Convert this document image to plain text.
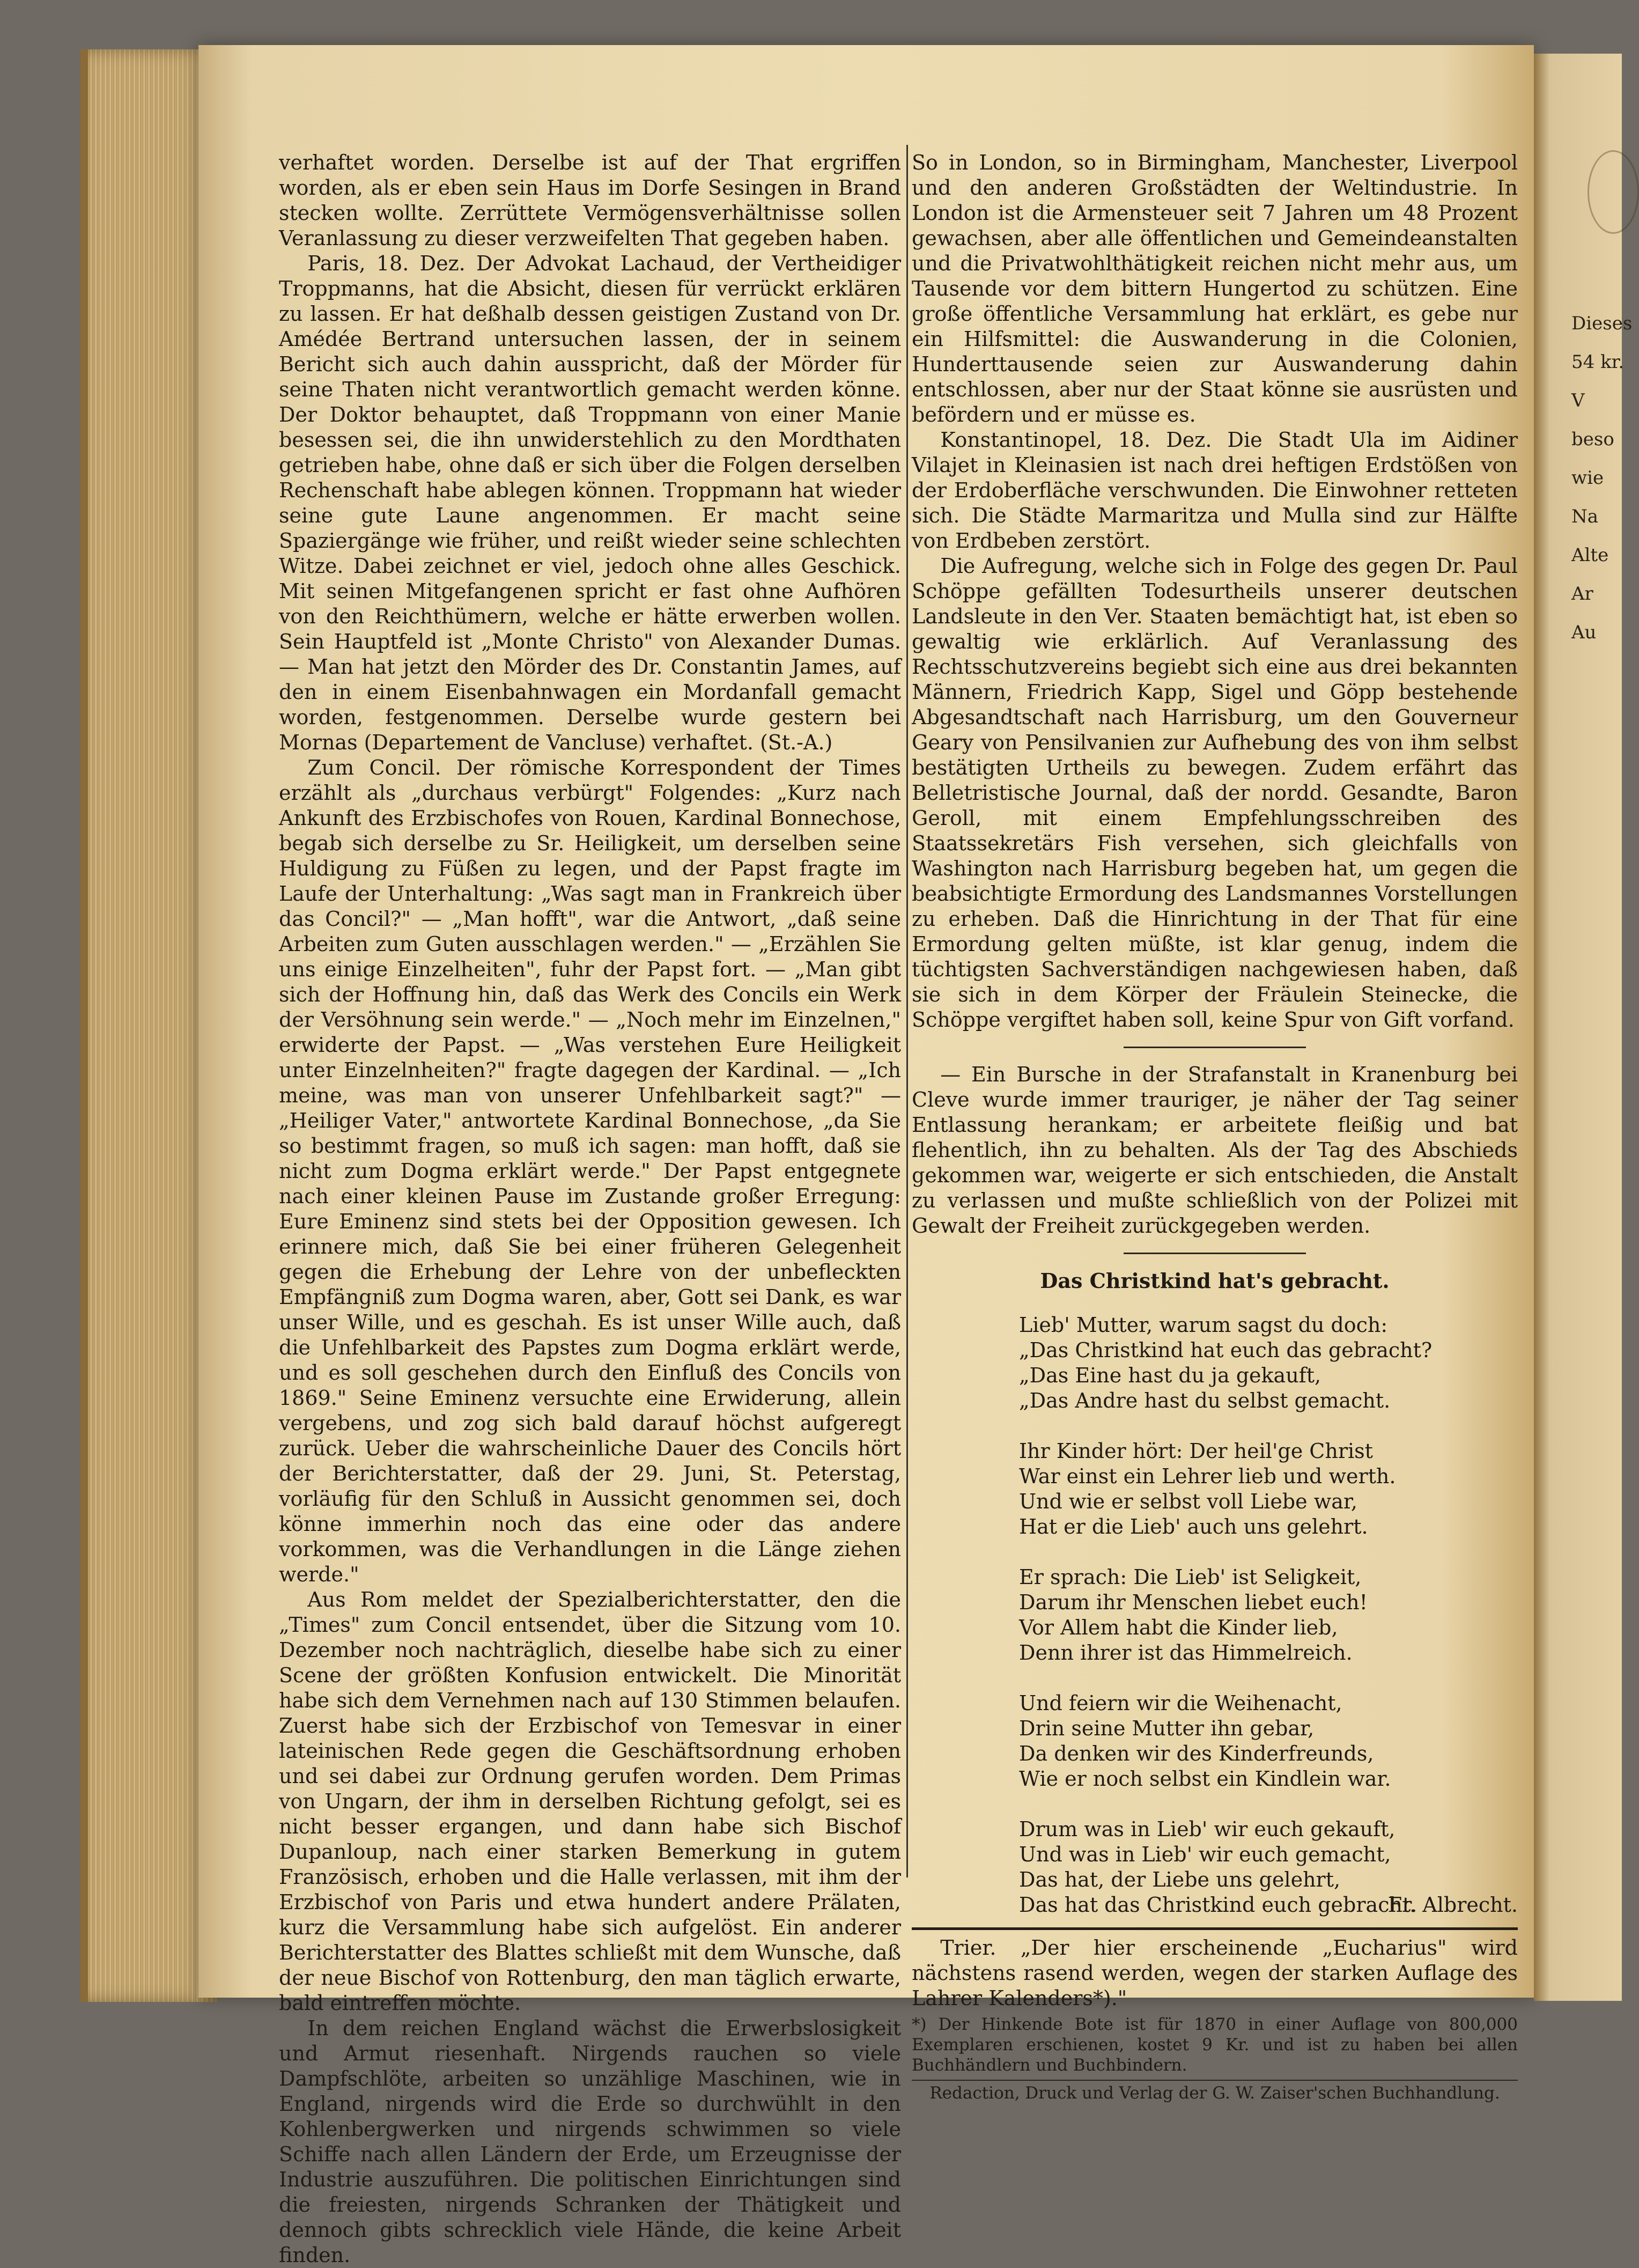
verhaftet worden. Derselbe ist auf der That ergriffen worden, als er eben sein Haus im Dorfe Sesingen in Brand stecken wollte. Zerrüttete Vermögensverhältnisse sollen Veranlassung zu dieser verzweifelten That gegeben haben.

Paris, 18. Dez. Der Advokat Lachaud, der Vertheidiger Troppmanns, hat die Absicht, diesen für verrückt erklären zu lassen. Er hat deßhalb dessen geistigen Zustand von Dr. Amédée Bertrand untersuchen lassen, der in seinem Bericht sich auch dahin ausspricht, daß der Mörder für seine Thaten nicht verantwortlich gemacht werden könne. Der Doktor behauptet, daß Troppmann von einer Manie besessen sei, die ihn unwiderstehlich zu den Mordthaten getrieben habe, ohne daß er sich über die Folgen derselben Rechenschaft habe ablegen können. Troppmann hat wieder seine gute Laune angenommen. Er macht seine Spaziergänge wie früher, und reißt wieder seine schlechten Witze. Dabei zeichnet er viel, jedoch ohne alles Geschick. Mit seinen Mitgefangenen spricht er fast ohne Aufhören von den Reichthümern, welche er hätte erwerben wollen. Sein Hauptfeld ist „Monte Christo" von Alexander Dumas. — Man hat jetzt den Mörder des Dr. Constantin James, auf den in einem Eisenbahnwagen ein Mordanfall gemacht worden, festgenommen. Derselbe wurde gestern bei Mornas (Departement de Vancluse) verhaftet. (St.-A.)

Zum Concil. Der römische Korrespondent der Times erzählt als „durchaus verbürgt" Folgendes: „Kurz nach Ankunft des Erzbischofes von Rouen, Kardinal Bonnechose, begab sich derselbe zu Sr. Heiligkeit, um derselben seine Huldigung zu Füßen zu legen, und der Papst fragte im Laufe der Unterhaltung: „Was sagt man in Frankreich über das Concil?" — „Man hofft", war die Antwort, „daß seine Arbeiten zum Guten ausschlagen werden." — „Erzählen Sie uns einige Einzelheiten", fuhr der Papst fort. — „Man gibt sich der Hoffnung hin, daß das Werk des Concils ein Werk der Versöhnung sein werde." — „Noch mehr im Einzelnen," erwiderte der Papst. — „Was verstehen Eure Heiligkeit unter Einzelnheiten?" fragte dagegen der Kardinal. — „Ich meine, was man von unserer Unfehlbarkeit sagt?" — „Heiliger Vater," antwortete Kardinal Bonnechose, „da Sie so bestimmt fragen, so muß ich sagen: man hofft, daß sie nicht zum Dogma erklärt werde." Der Papst entgegnete nach einer kleinen Pause im Zustande großer Erregung: Eure Eminenz sind stets bei der Opposition gewesen. Ich erinnere mich, daß Sie bei einer früheren Gelegenheit gegen die Erhebung der Lehre von der unbefleckten Empfängniß zum Dogma waren, aber, Gott sei Dank, es war unser Wille, und es geschah. Es ist unser Wille auch, daß die Unfehlbarkeit des Papstes zum Dogma erklärt werde, und es soll geschehen durch den Einfluß des Concils von 1869." Seine Eminenz versuchte eine Erwiderung, allein vergebens, und zog sich bald darauf höchst aufgeregt zurück. Ueber die wahrscheinliche Dauer des Concils hört der Berichterstatter, daß der 29. Juni, St. Peterstag, vorläufig für den Schluß in Aussicht genommen sei, doch könne immerhin noch das eine oder das andere vorkommen, was die Verhandlungen in die Länge ziehen werde."

Aus Rom meldet der Spezialberichterstatter, den die „Times" zum Concil entsendet, über die Sitzung vom 10. Dezember noch nachträglich, dieselbe habe sich zu einer Scene der größten Konfusion entwickelt. Die Minorität habe sich dem Vernehmen nach auf 130 Stimmen belaufen. Zuerst habe sich der Erzbischof von Temesvar in einer lateinischen Rede gegen die Geschäftsordnung erhoben und sei dabei zur Ordnung gerufen worden. Dem Primas von Ungarn, der ihm in derselben Richtung gefolgt, sei es nicht besser ergangen, und dann habe sich Bischof Dupanloup, nach einer starken Bemerkung in gutem Französisch, erhoben und die Halle verlassen, mit ihm der Erzbischof von Paris und etwa hundert andere Prälaten, kurz die Versammlung habe sich aufgelöst. Ein anderer Berichterstatter des Blattes schließt mit dem Wunsche, daß der neue Bischof von Rottenburg, den man täglich erwarte, bald eintreffen möchte.

In dem reichen England wächst die Erwerbslosigkeit und Armut riesenhaft. Nirgends rauchen so viele Dampfschlöte, arbeiten so unzählige Maschinen, wie in England, nirgends wird die Erde so durchwühlt in den Kohlenbergwerken und nirgends schwimmen so viele Schiffe nach allen Ländern der Erde, um Erzeugnisse der Industrie auszuführen. Die politischen Einrichtungen sind die freiesten, nirgends Schranken der Thätigkeit und dennoch gibts schrecklich viele Hände, die keine Arbeit finden.

So in London, so in Birmingham, Manchester, Liverpool und den anderen Großstädten der Weltindustrie. In London ist die Armensteuer seit 7 Jahren um 48 Prozent gewachsen, aber alle öffentlichen und Gemeindeanstalten und die Privatwohlthätigkeit reichen nicht mehr aus, um Tausende vor dem bittern Hungertod zu schützen. Eine große öffentliche Versammlung hat erklärt, es gebe nur ein Hilfsmittel: die Auswanderung in die Colonien, Hunderttausende seien zur Auswanderung dahin entschlossen, aber nur der Staat könne sie ausrüsten und befördern und er müsse es.

Konstantinopel, 18. Dez. Die Stadt Ula im Aidiner Vilajet in Kleinasien ist nach drei heftigen Erdstößen von der Erdoberfläche verschwunden. Die Einwohner retteten sich. Die Städte Marmaritza und Mulla sind zur Hälfte von Erdbeben zerstört.

Die Aufregung, welche sich in Folge des gegen Dr. Paul Schöppe gefällten Todesurtheils unserer deutschen Landsleute in den Ver. Staaten bemächtigt hat, ist eben so gewaltig wie erklärlich. Auf Veranlassung des Rechtsschutzvereins begiebt sich eine aus drei bekannten Männern, Friedrich Kapp, Sigel und Göpp bestehende Abgesandtschaft nach Harrisburg, um den Gouverneur Geary von Pensilvanien zur Aufhebung des von ihm selbst bestätigten Urtheils zu bewegen. Zudem erfährt das Belletristische Journal, daß der nordd. Gesandte, Baron Geroll, mit einem Empfehlungsschreiben des Staatssekretärs Fish versehen, sich gleichfalls von Washington nach Harrisburg begeben hat, um gegen die beabsichtigte Ermordung des Landsmannes Vorstellungen zu erheben. Daß die Hinrichtung in der That für eine Ermordung gelten müßte, ist klar genug, indem die tüchtigsten Sachverständigen nachgewiesen haben, daß sie sich in dem Körper der Fräulein Steinecke, die Schöppe vergiftet haben soll, keine Spur von Gift vorfand.

— Ein Bursche in der Strafanstalt in Kranenburg bei Cleve wurde immer trauriger, je näher der Tag seiner Entlassung herankam; er arbeitete fleißig und bat flehentlich, ihn zu behalten. Als der Tag des Abschieds gekommen war, weigerte er sich entschieden, die Anstalt zu verlassen und mußte schließlich von der Polizei mit Gewalt der Freiheit zurückgegeben werden.

Das Christkind hat's gebracht.
Lieb' Mutter, warum sagst du doch:
„Das Christkind hat euch das gebracht?
„Das Eine hast du ja gekauft,
„Das Andre hast du selbst gemacht.
Ihr Kinder hört: Der heil'ge Christ
War einst ein Lehrer lieb und werth.
Und wie er selbst voll Liebe war,
Hat er die Lieb' auch uns gelehrt.
Er sprach: Die Lieb' ist Seligkeit,
Darum ihr Menschen liebet euch!
Vor Allem habt die Kinder lieb,
Denn ihrer ist das Himmelreich.
Und feiern wir die Weihenacht,
Drin seine Mutter ihn gebar,
Da denken wir des Kinderfreunds,
Wie er noch selbst ein Kindlein war.
Drum was in Lieb' wir euch gekauft,
Und was in Lieb' wir euch gemacht,
Das hat, der Liebe uns gelehrt,
Das hat das Christkind euch gebracht.
Fr. Albrecht.

Trier. „Der hier erscheinende „Eucharius" wird nächstens rasend werden, wegen der starken Auflage des Lahrer Kalenders*)."

*) Der Hinkende Bote ist für 1870 in einer Auflage von 800,000 Exemplaren erschienen, kostet 9 Kr. und ist zu haben bei allen Buchhändlern und Buchbindern.
Redaction, Druck und Verlag der G. W. Zaiser'schen Buchhandlung.
Dieses
54 kr.
V
beso
wie
Na
Alte
Ar
Au
